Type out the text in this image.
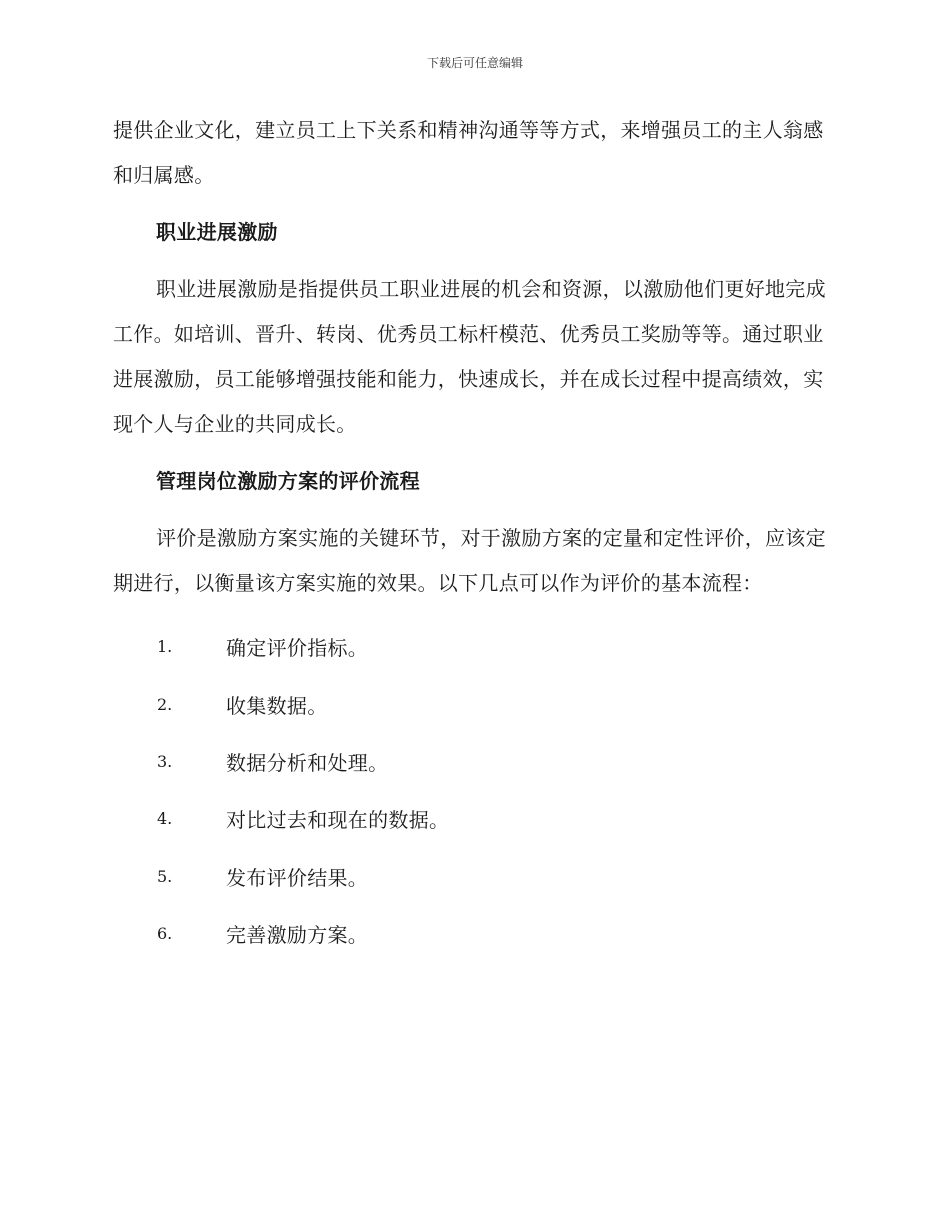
下载后可任意编辑

提供企业文化，建立员工上下关系和精神沟通等等方式，来增强员工的主人翁感和归属感。

职业进展激励

职业进展激励是指提供员工职业进展的机会和资源，以激励他们更好地完成工作。如培训、晋升、转岗、优秀员工标杆模范、优秀员工奖励等等。通过职业进展激励，员工能够增强技能和能力，快速成长，并在成长过程中提高绩效，实现个人与企业的共同成长。

管理岗位激励方案的评价流程

评价是激励方案实施的关键环节，对于激励方案的定量和定性评价，应该定期进行，以衡量该方案实施的效果。以下几点可以作为评价的基本流程：

1.	确定评价指标。
2.	收集数据。
3.	数据分析和处理。
4.	对比过去和现在的数据。
5.	发布评价结果。
6.	完善激励方案。
